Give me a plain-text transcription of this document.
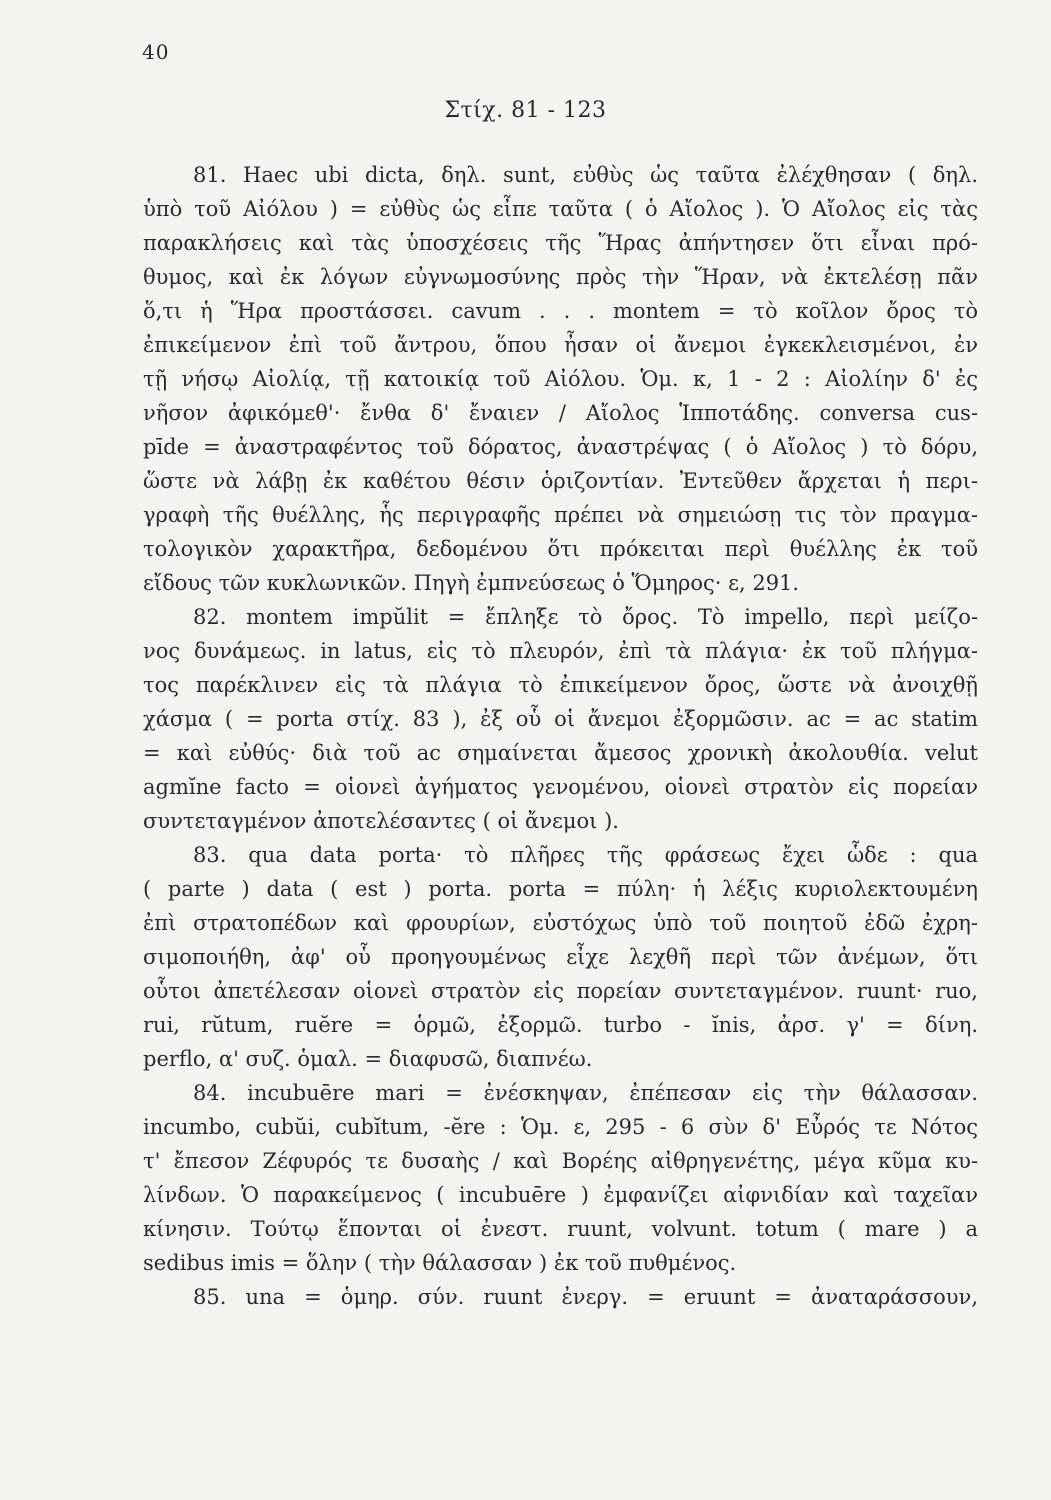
40
Στίχ. 81 - 123
81. Haec ubi dicta, δηλ. sunt, εὐθὺς ὡς ταῦτα ἐλέχθησαν ( δηλ.
ὑπὸ τοῦ Αἰόλου ) = εὐθὺς ὡς εἶπε ταῦτα ( ὁ Αἴολος ). Ὁ Αἴολος εἰς τὰς
παρακλήσεις καὶ τὰς ὑποσχέσεις τῆς Ἥρας ἀπήντησεν ὅτι εἶναι πρό-
θυμος, καὶ ἐκ λόγων εὐγνωμοσύνης πρὸς τὴν Ἥραν, νὰ ἐκτελέσῃ πᾶν
ὅ,τι ἡ Ἥρα προστάσσει. cavum . . . montem = τὸ κοῖλον ὄρος τὸ
ἐπικείμενον ἐπὶ τοῦ ἄντρου, ὅπου ἦσαν οἱ ἄνεμοι ἐγκεκλεισμένοι, ἐν
τῇ νήσῳ Αἰολίᾳ, τῇ κατοικίᾳ τοῦ Αἰόλου. Ὁμ. κ, 1 - 2 : Αἰολίην δ' ἐς
νῆσον ἀφικόμεθ'· ἔνθα δ' ἔναιεν / Αἴολος Ἱπποτάδης. conversa cus-
pīde = ἀναστραφέντος τοῦ δόρατος, ἀναστρέψας ( ὁ Αἴολος ) τὸ δόρυ,
ὥστε νὰ λάβῃ ἐκ καθέτου θέσιν ὁριζοντίαν. Ἐντεῦθεν ἄρχεται ἡ περι-
γραφὴ τῆς θυέλλης, ἧς περιγραφῆς πρέπει νὰ σημειώσῃ τις τὸν πραγμα-
τολογικὸν χαρακτῆρα, δεδομένου ὅτι πρόκειται περὶ θυέλλης ἐκ τοῦ
εἴδους τῶν κυκλωνικῶν. Πηγὴ ἐμπνεύσεως ὁ Ὅμηρος· ε, 291.
82. montem impŭlit = ἔπληξε τὸ ὄρος. Τὸ impello, περὶ μείζο-
νος δυνάμεως. in latus, εἰς τὸ πλευρόν, ἐπὶ τὰ πλάγια· ἐκ τοῦ πλήγμα-
τος παρέκλινεν εἰς τὰ πλάγια τὸ ἐπικείμενον ὄρος, ὥστε νὰ ἀνοιχθῇ
χάσμα ( = porta στίχ. 83 ), ἐξ οὗ οἱ ἄνεμοι ἐξορμῶσιν. ac = ac statim
= καὶ εὐθύς· διὰ τοῦ ac σημαίνεται ἄμεσος χρονικὴ ἀκολουθία. velut
agmĭne facto = οἱονεὶ ἀγήματος γενομένου, οἱονεὶ στρατὸν εἰς πορείαν
συντεταγμένον ἀποτελέσαντες ( οἱ ἄνεμοι ).
83. qua data porta· τὸ πλῆρες τῆς φράσεως ἔχει ὧδε : qua
( parte ) data ( est ) porta. porta = πύλη· ἡ λέξις κυριολεκτουμένη
ἐπὶ στρατοπέδων καὶ φρουρίων, εὐστόχως ὑπὸ τοῦ ποιητοῦ ἐδῶ ἐχρη-
σιμοποιήθη, ἀφ' οὗ προηγουμένως εἶχε λεχθῆ περὶ τῶν ἀνέμων, ὅτι
οὗτοι ἀπετέλεσαν οἱονεὶ στρατὸν εἰς πορείαν συντεταγμένον. ruunt· ruo,
rui, rŭtum, ruĕre = ὁρμῶ, ἐξορμῶ. turbo - ĭnis, ἀρσ. γ' = δίνη.
perflo, α' συζ. ὁμαλ. = διαφυσῶ, διαπνέω.
84. incubuēre mari = ἐνέσκηψαν, ἐπέπεσαν εἰς τὴν θάλασσαν.
incumbo, cubŭi, cubĭtum, -ĕre : Ὁμ. ε, 295 - 6 σὺν δ' Εὖρός τε Νότος
τ' ἔπεσον Ζέφυρός τε δυσαὴς / καὶ Βορέης αἰθρηγενέτης, μέγα κῦμα κυ-
λίνδων. Ὁ παρακείμενος ( incubuēre ) ἐμφανίζει αἰφνιδίαν καὶ ταχεῖαν
κίνησιν. Τούτῳ ἕπονται οἱ ἐνεστ. ruunt, volvunt. totum ( mare ) a
sedibus imis = ὅλην ( τὴν θάλασσαν ) ἐκ τοῦ πυθμένος.
85. una = ὁμηρ. σύν. ruunt ἐνεργ. = eruunt = ἀναταράσσουν,
